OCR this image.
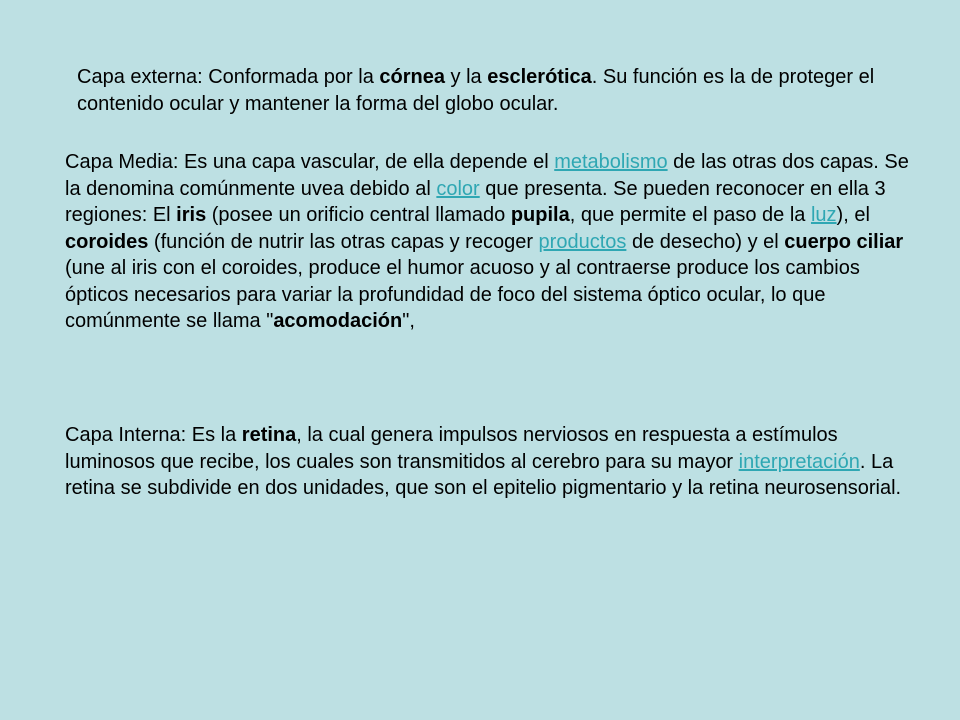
Capa externa: Conformada por la córnea y la esclerótica. Su función es la de proteger el contenido ocular y mantener la forma del globo ocular.

Capa Media: Es una capa vascular, de ella depende el metabolismo de las otras dos capas. Se la denomina comúnmente uvea debido al color que presenta. Se pueden reconocer en ella 3 regiones: El iris (posee un orificio central llamado pupila, que permite el paso de la luz), el coroides (función de nutrir las otras capas y recoger productos de desecho) y el cuerpo ciliar (une al iris con el coroides, produce el humor acuoso y al contraerse produce los cambios ópticos necesarios para variar la profundidad de foco del sistema óptico ocular, lo que comúnmente se llama "acomodación",

Capa Interna: Es la retina, la cual genera impulsos nerviosos en respuesta a estímulos luminosos que recibe, los cuales son transmitidos al cerebro para su mayor interpretación. La retina se subdivide en dos unidades, que son el epitelio pigmentario y la retina neurosensorial.
